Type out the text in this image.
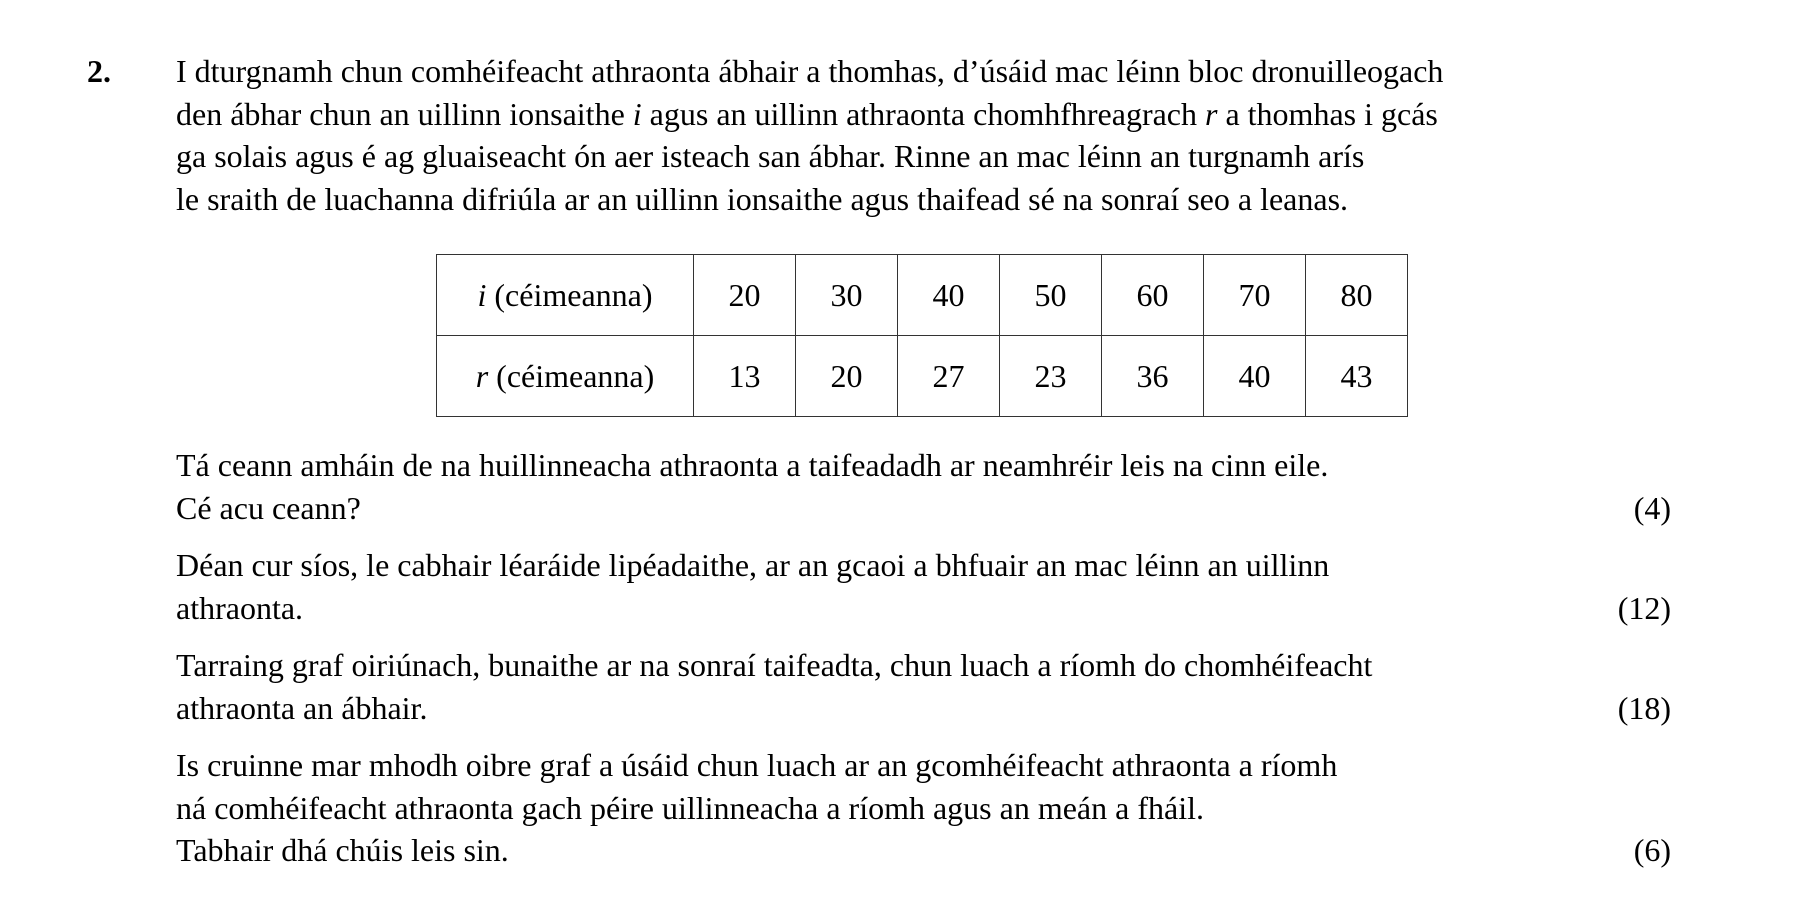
2. I dturgnamh chun comhéifeacht athraonta ábhair a thomhas, d’úsáid mac léinn bloc dronuilleogach
den ábhar chun an uillinn ionsaithe i agus an uillinn athraonta chomhfhreagrach r a thomhas i gcás
ga solais agus é ag gluaiseacht ón aer isteach san ábhar. Rinne an mac léinn an turgnamh arís
le sraith de luachanna difriúla ar an uillinn ionsaithe agus thaifead sé na sonraí seo a leanas.
i (céimeanna)	20	30	40	50	60	70	80
r (céimeanna)	13	20	27	23	36	40	43
Tá ceann amháin de na huillinneacha athraonta a taifeadadh ar neamhréir leis na cinn eile.
Cé acu ceann?	(4)
Déan cur síos, le cabhair léaráide lipéadaithe, ar an gcaoi a bhfuair an mac léinn an uillinn
athraonta.	(12)
Tarraing graf oiriúnach, bunaithe ar na sonraí taifeadta, chun luach a ríomh do chomhéifeacht
athraonta an ábhair.	(18)
Is cruinne mar mhodh oibre graf a úsáid chun luach ar an gcomhéifeacht athraonta a ríomh
ná comhéifeacht athraonta gach péire uillinneacha a ríomh agus an meán a fháil.
Tabhair dhá chúis leis sin.	(6)
